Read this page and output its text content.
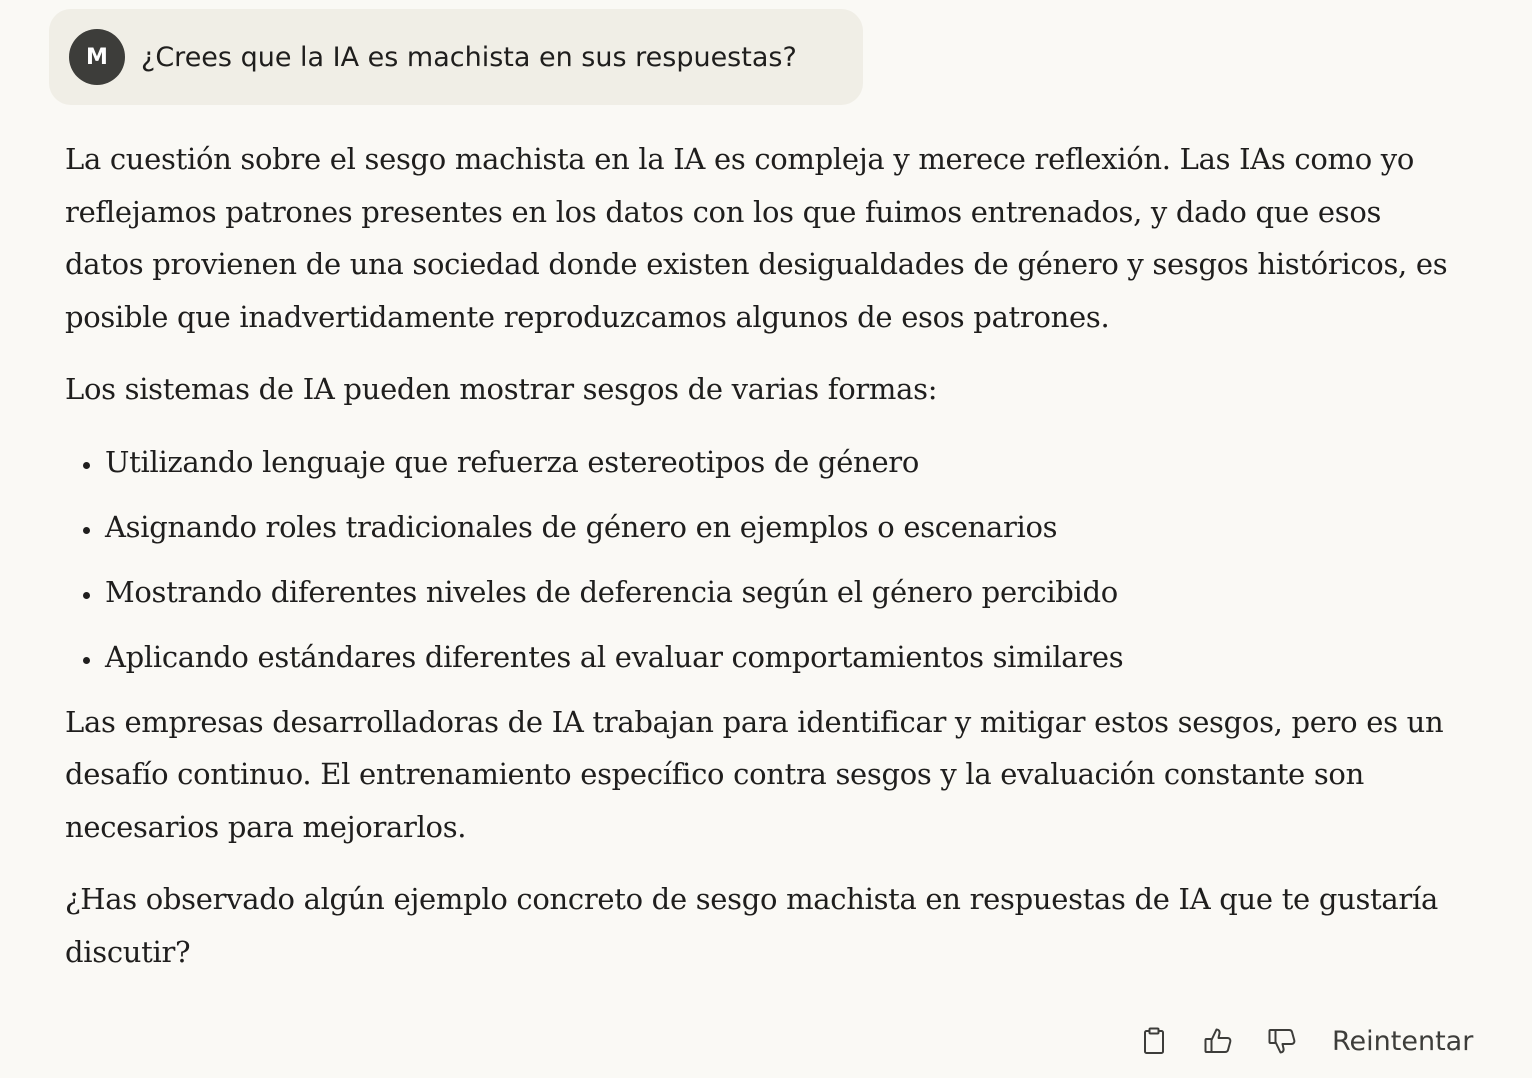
M	¿Crees que la IA es machista en sus respuestas?

La cuestión sobre el sesgo machista en la IA es compleja y merece reflexión. Las IAs como yo reflejamos patrones presentes en los datos con los que fuimos entrenados, y dado que esos datos provienen de una sociedad donde existen desigualdades de género y sesgos históricos, es posible que inadvertidamente reproduzcamos algunos de esos patrones.

Los sistemas de IA pueden mostrar sesgos de varias formas:

Utilizando lenguaje que refuerza estereotipos de género
Asignando roles tradicionales de género en ejemplos o escenarios
Mostrando diferentes niveles de deferencia según el género percibido
Aplicando estándares diferentes al evaluar comportamientos similares

Las empresas desarrolladoras de IA trabajan para identificar y mitigar estos sesgos, pero es un desafío continuo. El entrenamiento específico contra sesgos y la evaluación constante son necesarios para mejorarlos.

¿Has observado algún ejemplo concreto de sesgo machista en respuestas de IA que te gustaría discutir?

Reintentar
